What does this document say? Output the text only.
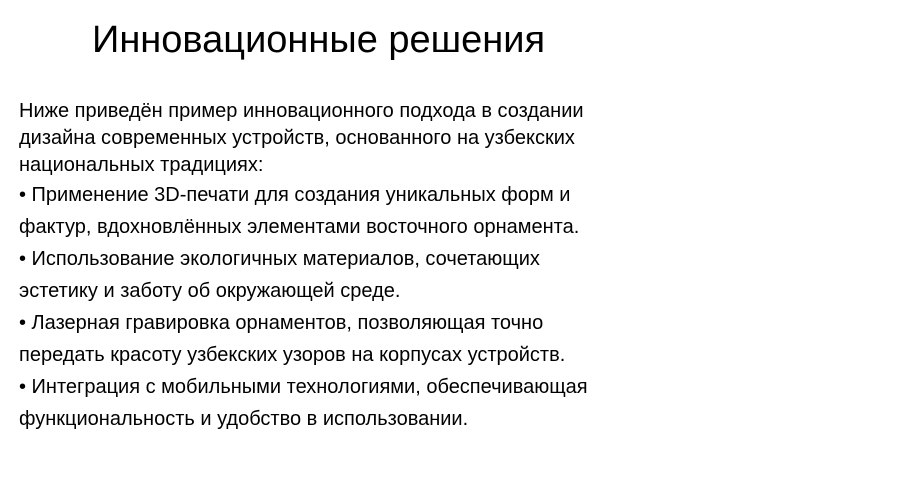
Инновационные решения
Ниже приведён пример инновационного подхода в создании
дизайна современных устройств, основанного на узбекских
национальных традициях:
• Применение 3D-печати для создания уникальных форм и
фактур, вдохновлённых элементами восточного орнамента.
• Использование экологичных материалов, сочетающих
эстетику и заботу об окружающей среде.
• Лазерная гравировка орнаментов, позволяющая точно
передать красоту узбекских узоров на корпусах устройств.
• Интеграция с мобильными технологиями, обеспечивающая
функциональность и удобство в использовании.
